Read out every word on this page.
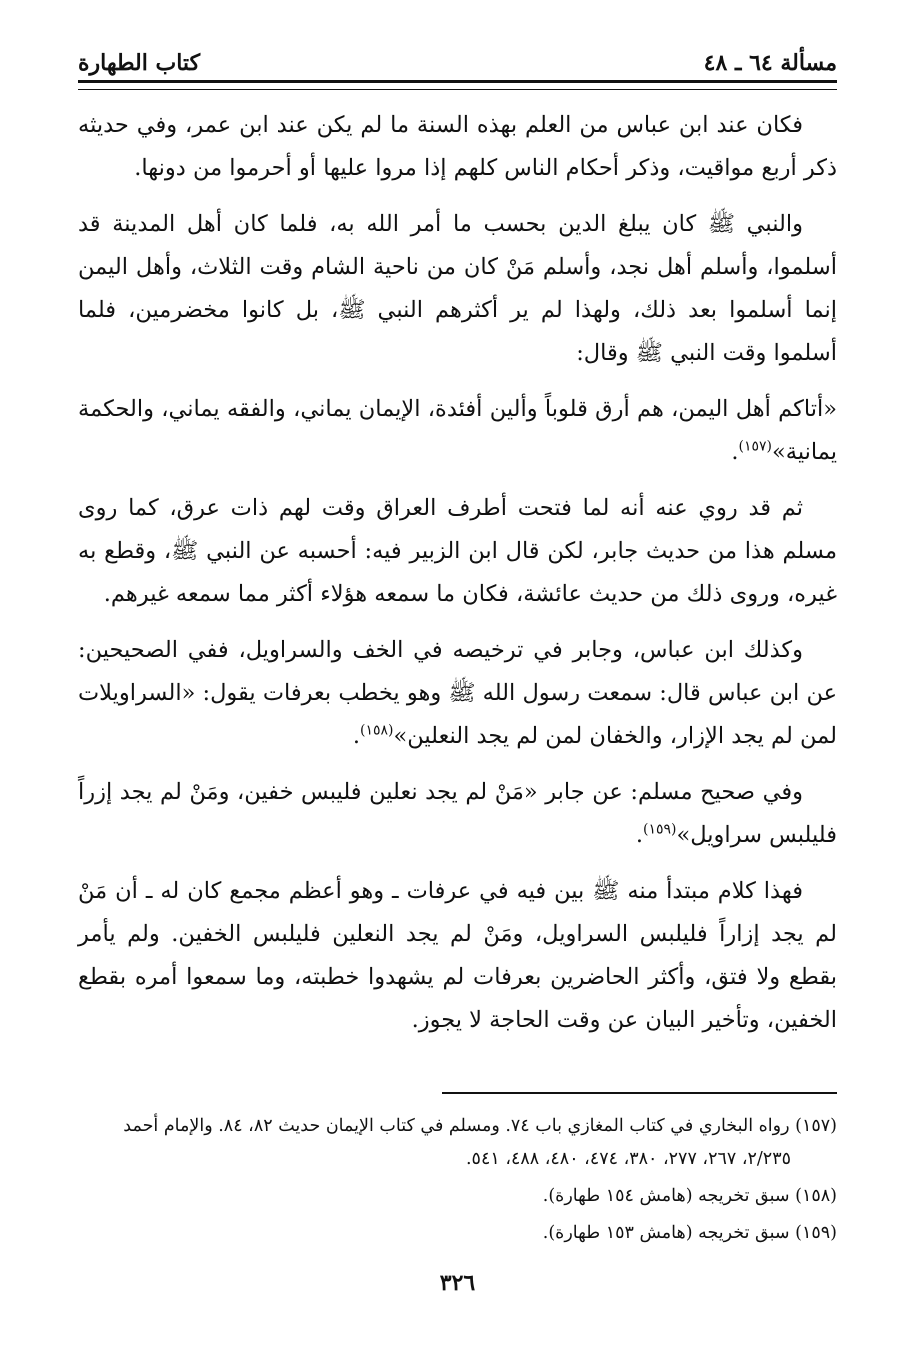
مسألة ٦٤ ـ ٤٨
كتاب الطهارة

فكان عند ابن عباس من العلم بهذه السنة ما لم يكن عند ابن عمر، وفي حديثه ذكر أربع مواقيت، وذكر أحكام الناس كلهم إذا مروا عليها أو أحرموا من دونها.

والنبي ﷺ كان يبلغ الدين بحسب ما أمر الله به، فلما كان أهل المدينة قد أسلموا، وأسلم أهل نجد، وأسلم مَنْ كان من ناحية الشام وقت الثلاث، وأهل اليمن إنما أسلموا بعد ذلك، ولهذا لم ير أكثرهم النبي ﷺ، بل كانوا مخضرمين، فلما أسلموا وقت النبي ﷺ وقال:

«أتاكم أهل اليمن، هم أرق قلوباً وألين أفئدة، الإيمان يماني، والفقه يماني، والحكمة يمانية»$^{(١٥٧)}$.

ثم قد روي عنه أنه لما فتحت أطرف العراق وقت لهم ذات عرق، كما روى مسلم هذا من حديث جابر، لكن قال ابن الزبير فيه: أحسبه عن النبي ﷺ، وقطع به غيره، وروى ذلك من حديث عائشة، فكان ما سمعه هؤلاء أكثر مما سمعه غيرهم.

وكذلك ابن عباس، وجابر في ترخيصه في الخف والسراويل، ففي الصحيحين: عن ابن عباس قال: سمعت رسول الله ﷺ وهو يخطب بعرفات يقول: «السراويلات لمن لم يجد الإزار، والخفان لمن لم يجد النعلين»$^{(١٥٨)}$.

وفي صحيح مسلم: عن جابر «مَنْ لم يجد نعلين فليبس خفين، ومَنْ لم يجد إزراً فليلبس سراويل»$^{(١٥٩)}$.

فهذا كلام مبتدأ منه ﷺ بين فيه في عرفات ـ وهو أعظم مجمع كان له ـ أن مَنْ لم يجد إزاراً فليلبس السراويل، ومَنْ لم يجد النعلين فليلبس الخفين. ولم يأمر بقطع ولا فتق، وأكثر الحاضرين بعرفات لم يشهدوا خطبته، وما سمعوا أمره بقطع الخفين، وتأخير البيان عن وقت الحاجة لا يجوز.

(١٥٧) رواه البخاري في كتاب المغازي باب ٧٤. ومسلم في كتاب الإيمان حديث ٨٢، ٨٤. والإمام أحمد
٢/٢٣٥، ٢٦٧، ٢٧٧، ٣٨٠، ٤٧٤، ٤٨٠، ٤٨٨، ٥٤١.
(١٥٨) سبق تخريجه (هامش ١٥٤ طهارة).
(١٥٩) سبق تخريجه (هامش ١٥٣ طهارة).
٣٢٦
